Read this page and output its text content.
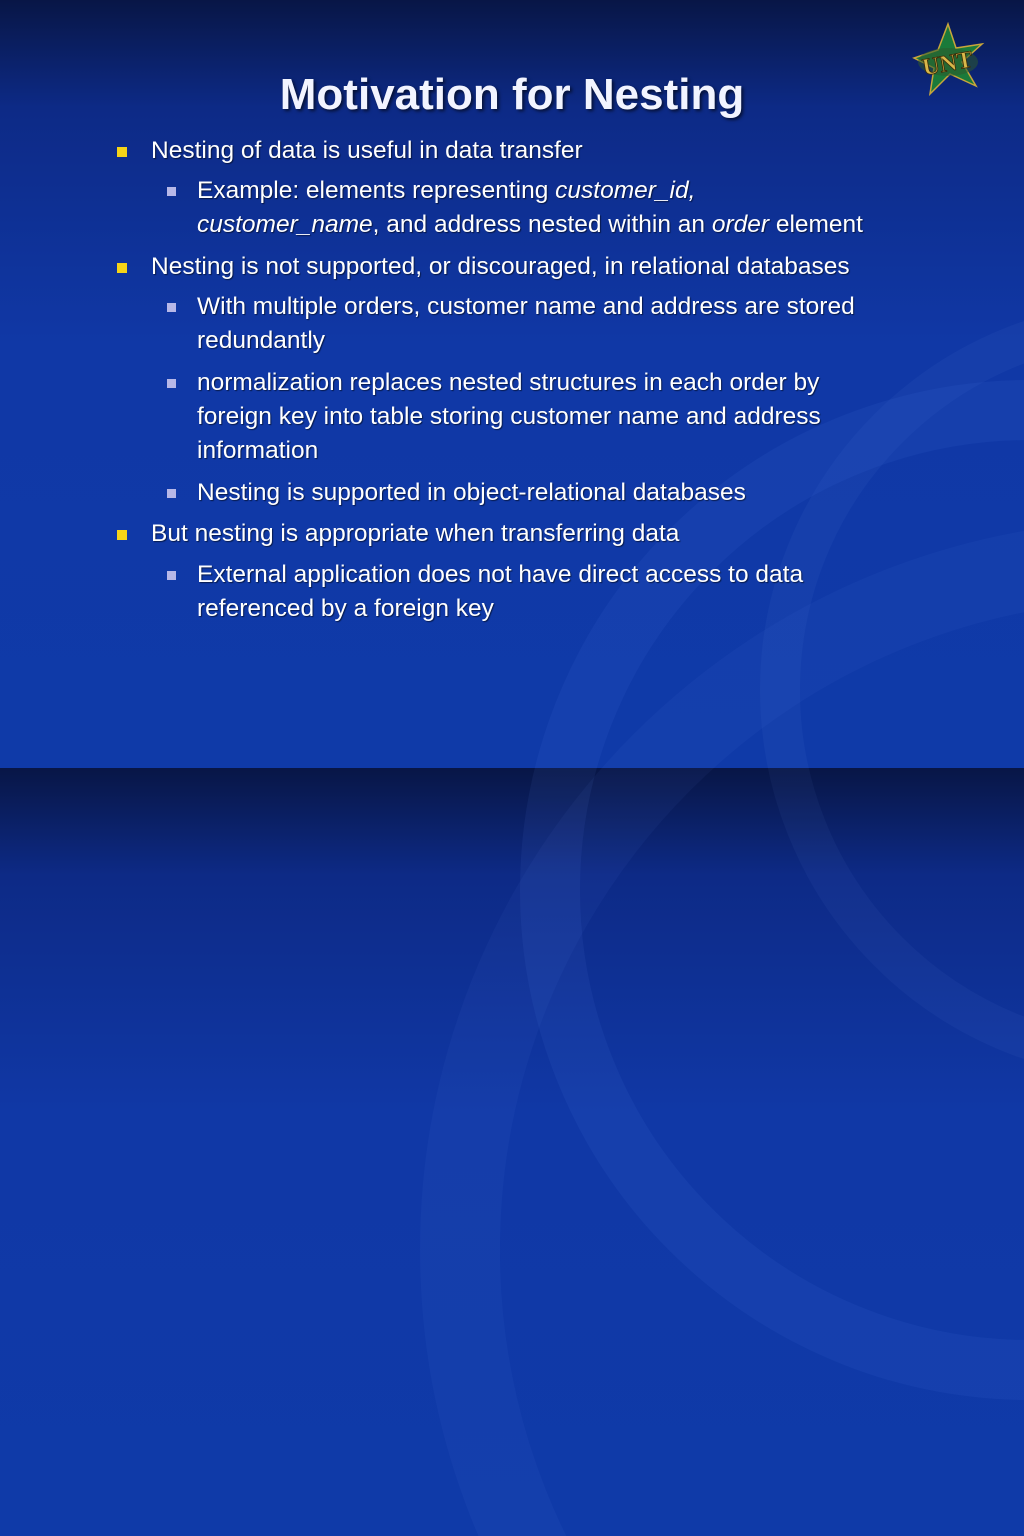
UNT
Motivation for Nesting
Nesting of data is useful in data transfer
Example: elements representing customer_id,
customer_name, and address nested within an order element
Nesting is not supported, or discouraged, in relational databases
With multiple orders, customer name and address are stored
redundantly
normalization replaces nested structures in each order by
foreign key into table storing customer name and address
information
Nesting is supported in object-relational databases
But nesting is appropriate when transferring data
External application does not have direct access to data
referenced by a foreign key
